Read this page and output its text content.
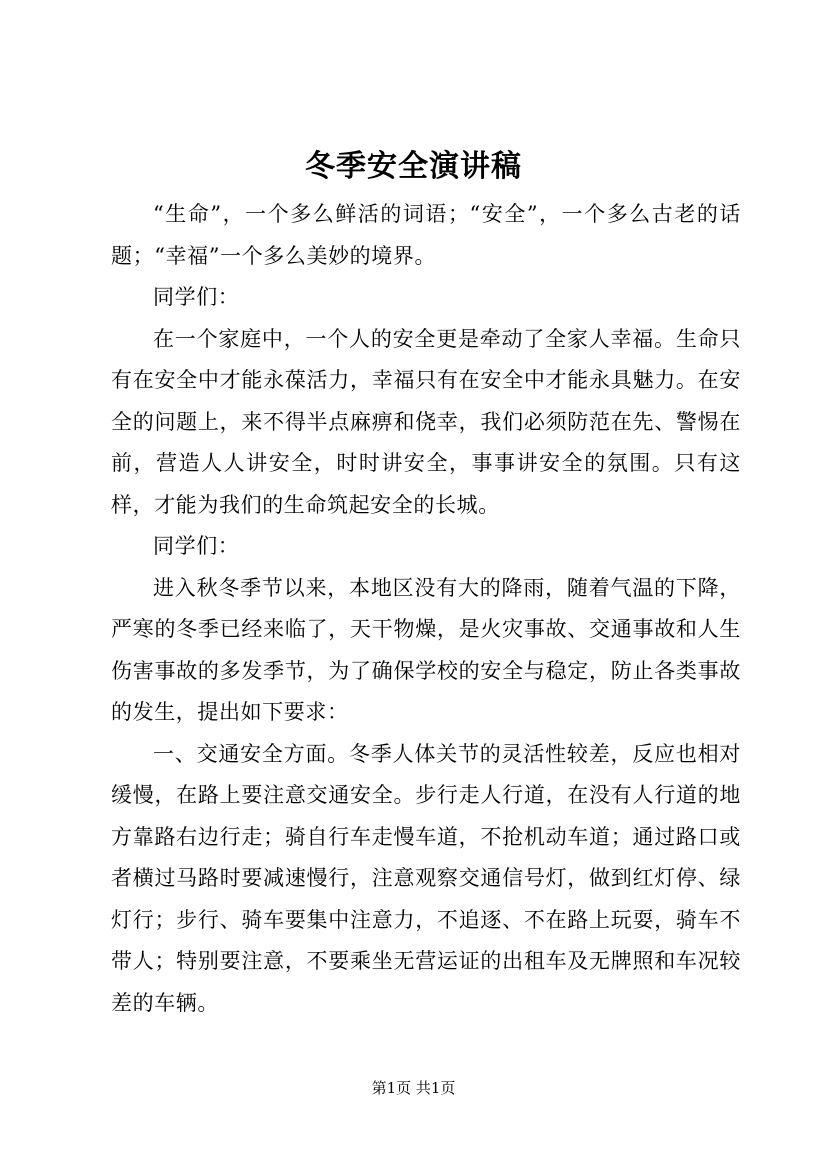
冬季安全演讲稿

“生命”，一个多么鲜活的词语；“安全”，一个多么古老的话题；“幸福”一个多么美妙的境界。

同学们：

在一个家庭中，一个人的安全更是牵动了全家人幸福。生命只有在安全中才能永葆活力，幸福只有在安全中才能永具魅力。在安全的问题上，来不得半点麻痹和侥幸，我们必须防范在先、警惕在前，营造人人讲安全，时时讲安全，事事讲安全的氛围。只有这样，才能为我们的生命筑起安全的长城。

同学们：

进入秋冬季节以来，本地区没有大的降雨，随着气温的下降，严寒的冬季已经来临了，天干物燥，是火灾事故、交通事故和人生伤害事故的多发季节，为了确保学校的安全与稳定，防止各类事故的发生，提出如下要求：

一、交通安全方面。冬季人体关节的灵活性较差，反应也相对缓慢，在路上要注意交通安全。步行走人行道，在没有人行道的地方靠路右边行走；骑自行车走慢车道，不抢机动车道；通过路口或者横过马路时要减速慢行，注意观察交通信号灯，做到红灯停、绿灯行；步行、骑车要集中注意力，不追逐、不在路上玩耍，骑车不带人；特别要注意，不要乘坐无营运证的出租车及无牌照和车况较差的车辆。

第1页 共1页
